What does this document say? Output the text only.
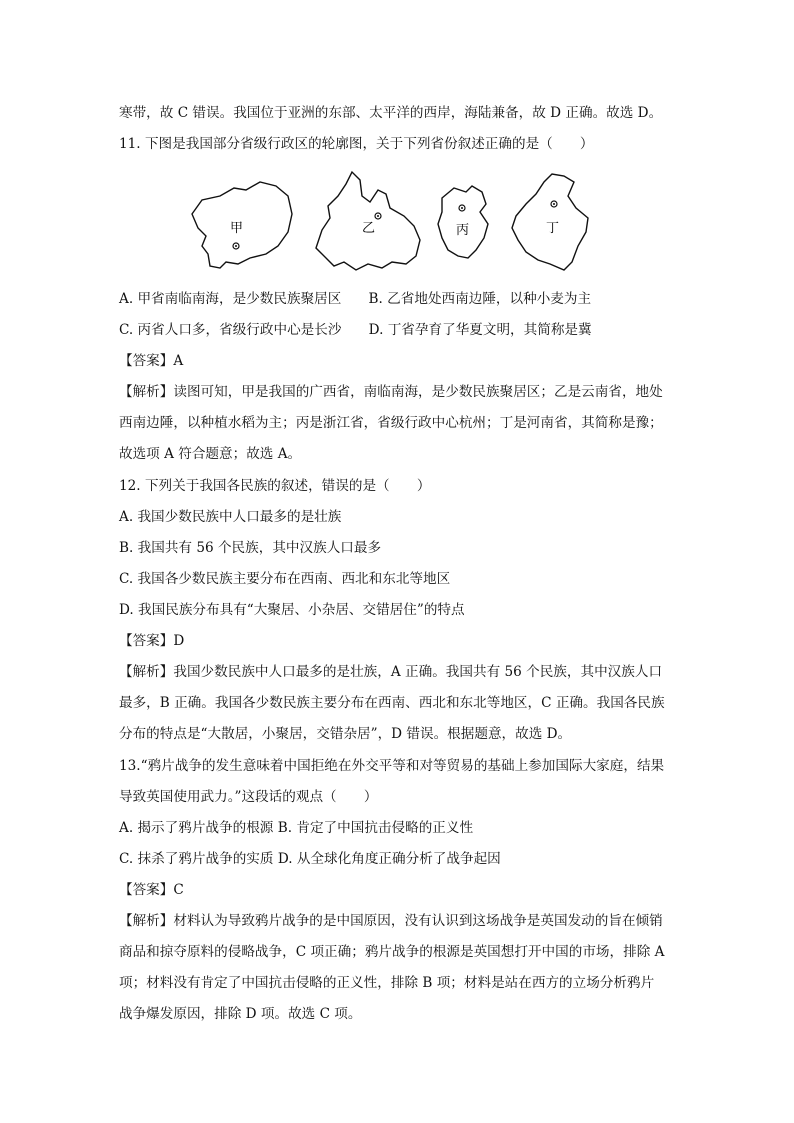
寒带，故 C 错误。我国位于亚洲的东部、太平洋的西岸，海陆兼备，故 D 正确。故选 D。
11. 下图是我国部分省级行政区的轮廓图，关于下列省份叙述正确的是（　　）
甲	乙	丙	丁
A. 甲省南临南海，是少数民族聚居区　　B. 乙省地处西南边陲，以种小麦为主
C. 丙省人口多，省级行政中心是长沙　　D. 丁省孕育了华夏文明，其简称是冀
【答案】A
【解析】读图可知，甲是我国的广西省，南临南海，是少数民族聚居区；乙是云南省，地处
西南边陲，以种植水稻为主；丙是浙江省，省级行政中心杭州；丁是河南省，其简称是豫；
故选项 A 符合题意；故选 A。
12. 下列关于我国各民族的叙述，错误的是（　　）
A. 我国少数民族中人口最多的是壮族
B. 我国共有 56 个民族，其中汉族人口最多
C. 我国各少数民族主要分布在西南、西北和东北等地区
D. 我国民族分布具有“大聚居、小杂居、交错居住”的特点
【答案】D
【解析】我国少数民族中人口最多的是壮族，A 正确。我国共有 56 个民族，其中汉族人口
最多，B 正确。我国各少数民族主要分布在西南、西北和东北等地区，C 正确。我国各民族
分布的特点是“大散居，小聚居，交错杂居”，D 错误。根据题意，故选 D。
13.“鸦片战争的发生意味着中国拒绝在外交平等和对等贸易的基础上参加国际大家庭，结果
导致英国使用武力。”这段话的观点（　　）
A. 揭示了鸦片战争的根源 B. 肯定了中国抗击侵略的正义性
C. 抹杀了鸦片战争的实质 D. 从全球化角度正确分析了战争起因
【答案】C
【解析】材料认为导致鸦片战争的是中国原因，没有认识到这场战争是英国发动的旨在倾销
商品和掠夺原料的侵略战争，C 项正确；鸦片战争的根源是英国想打开中国的市场，排除 A
项；材料没有肯定了中国抗击侵略的正义性，排除 B 项；材料是站在西方的立场分析鸦片
战争爆发原因，排除 D 项。故选 C 项。
